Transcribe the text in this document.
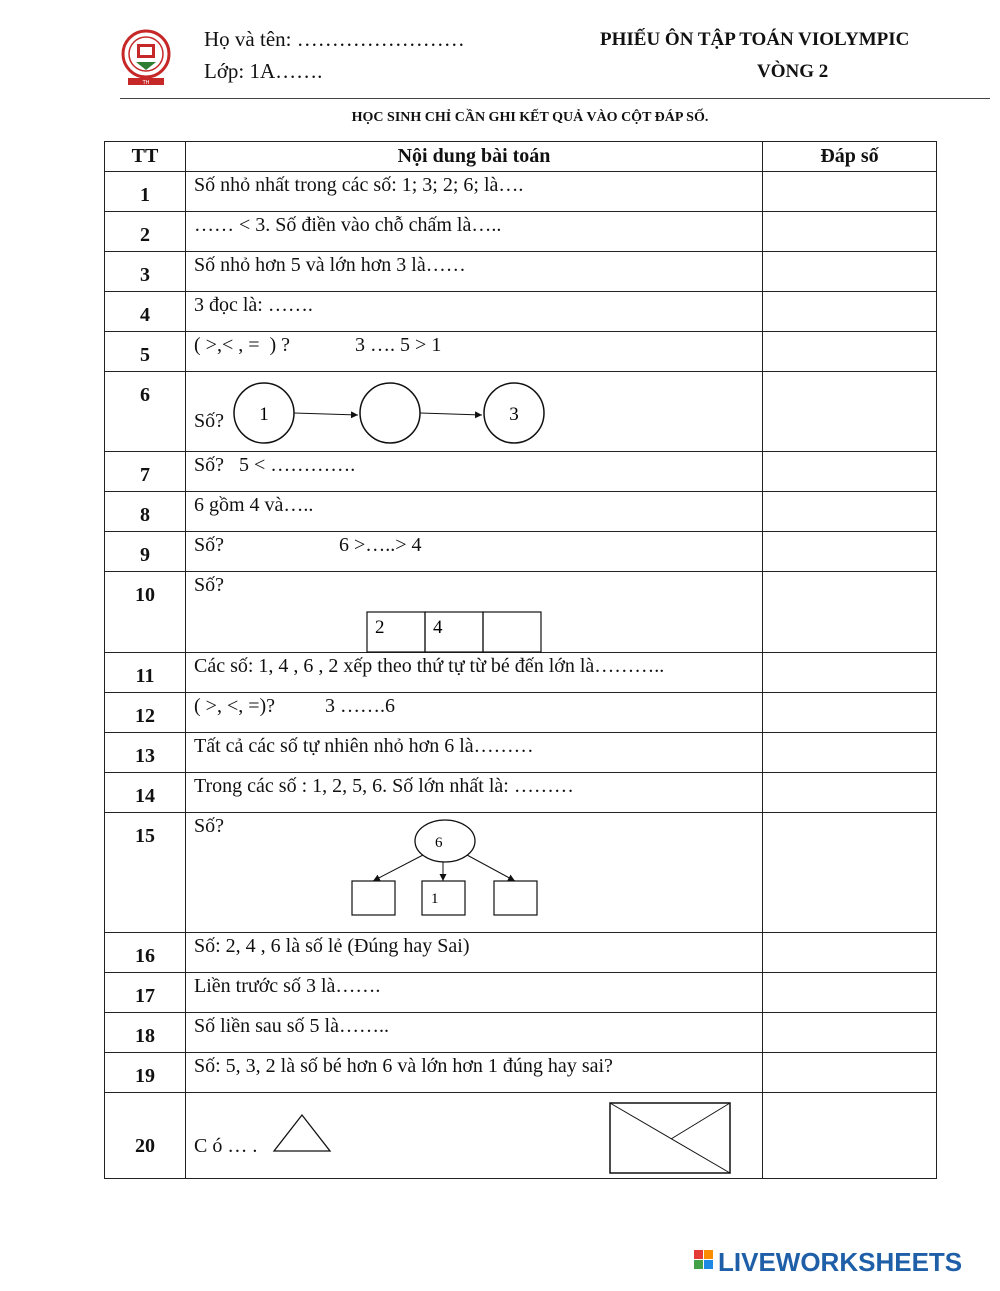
TH
Họ và tên: ……………………
Lớp: 1A…….
PHIẾU ÔN TẬP TOÁN VIOLYMPIC
VÒNG 2
HỌC SINH CHỈ CẦN GHI KẾT QUẢ VÀO CỘT ĐÁP SỐ.
TT	Nội dung bài toán	Đáp số

1	Số nhỏ nhất trong các số: 1; 3; 2; 6; là….	

2	…… < 3. Số điền vào chỗ chấm là…..	

3	Số nhỏ hơn 5 và lớn hơn 3 là……	

4	3 đọc là: …….	

5	( >,< , =  ) ?             3 …. 5 > 1	

6	Số? 1 3	

7	Số?   5 < ………….	

8	6 gồm 4 và…..	

9	Số?                       6 >…..> 4	

10	Số?
2 4	

11	Các số: 1, 4 , 6 , 2 xếp theo thứ tự từ bé đến lớn là………..	

12	( >, <, =)?          3 …….6	

13	Tất cả các số tự nhiên nhỏ hơn 6 là………	

14	Trong các số : 1, 2, 5, 6. Số lớn nhất là: ………	

15	Số?
6
1	

16	Số: 2, 4 , 6 là số lẻ (Đúng hay Sai)	

17	Liền trước số 3 là…….	

18	Số liền sau số 5 là……..	

19	Số: 5, 3, 2 là số bé hơn 6 và lớn hơn 1 đúng hay sai?	

20	C ó … .	

LIVEWORKSHEETS
